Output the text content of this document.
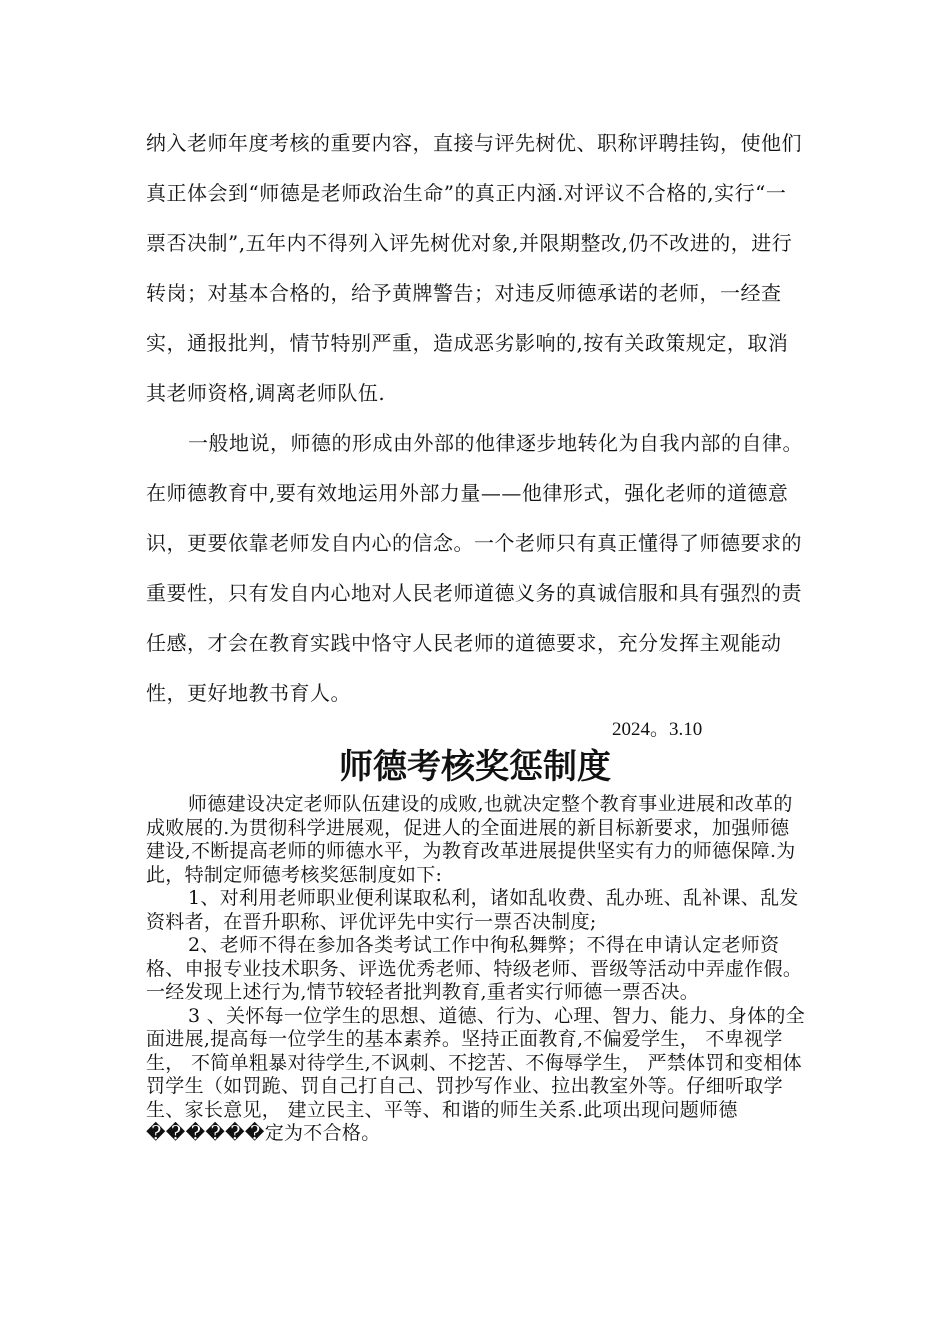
纳入老师年度考核的重要内容，直接与评先树优、职称评聘挂钩，使他们真正体会到“师德是老师政治生命”的真正内涵.对评议不合格的,实行“一票否决制”,五年内不得列入评先树优对象,并限期整改,仍不改进的，进行转岗；对基本合格的，给予黄牌警告；对违反师德承诺的老师，一经查实，通报批判，情节特别严重，造成恶劣影响的,按有关政策规定，取消其老师资格,调离老师队伍.

一般地说，师德的形成由外部的他律逐步地转化为自我内部的自律。在师德教育中,要有效地运用外部力量——他律形式，强化老师的道德意识，更要依靠老师发自内心的信念。一个老师只有真正懂得了师德要求的重要性，只有发自内心地对人民老师道德义务的真诚信服和具有强烈的责任感，才会在教育实践中恪守人民老师的道德要求，充分发挥主观能动性，更好地教书育人。

2024。3.10
师德考核奖惩制度

师德建设决定老师队伍建设的成败,也就决定整个教育事业进展和改革的成败展的.为贯彻科学进展观，促进人的全面进展的新目标新要求，加强师德建设,不断提高老师的师德水平，为教育改革进展提供坚实有力的师德保障.为此，特制定师德考核奖惩制度如下:

1、对利用老师职业便利谋取私利，诸如乱收费、乱办班、乱补课、乱发资料者，在晋升职称、评优评先中实行一票否决制度;

2、老师不得在参加各类考试工作中徇私舞弊；不得在申请认定老师资格、申报专业技术职务、评选优秀老师、特级老师、晋级等活动中弄虚作假。一经发现上述行为,情节较轻者批判教育,重者实行师德一票否决。

3 、关怀每一位学生的思想、道德、行为、心理、智力、能力、身体的全面进展,提高每一位学生的基本素养。坚持正面教育,不偏爱学生， 不卑视学生， 不简单粗暴对待学生,不讽刺、不挖苦、不侮辱学生， 严禁体罚和变相体罚学生（如罚跪、罚自己打自己、罚抄写作业、拉出教室外等。仔细听取学生、家长意见， 建立民主、平等、和谐的师生关系.此项出现问题师德������定为不合格。
